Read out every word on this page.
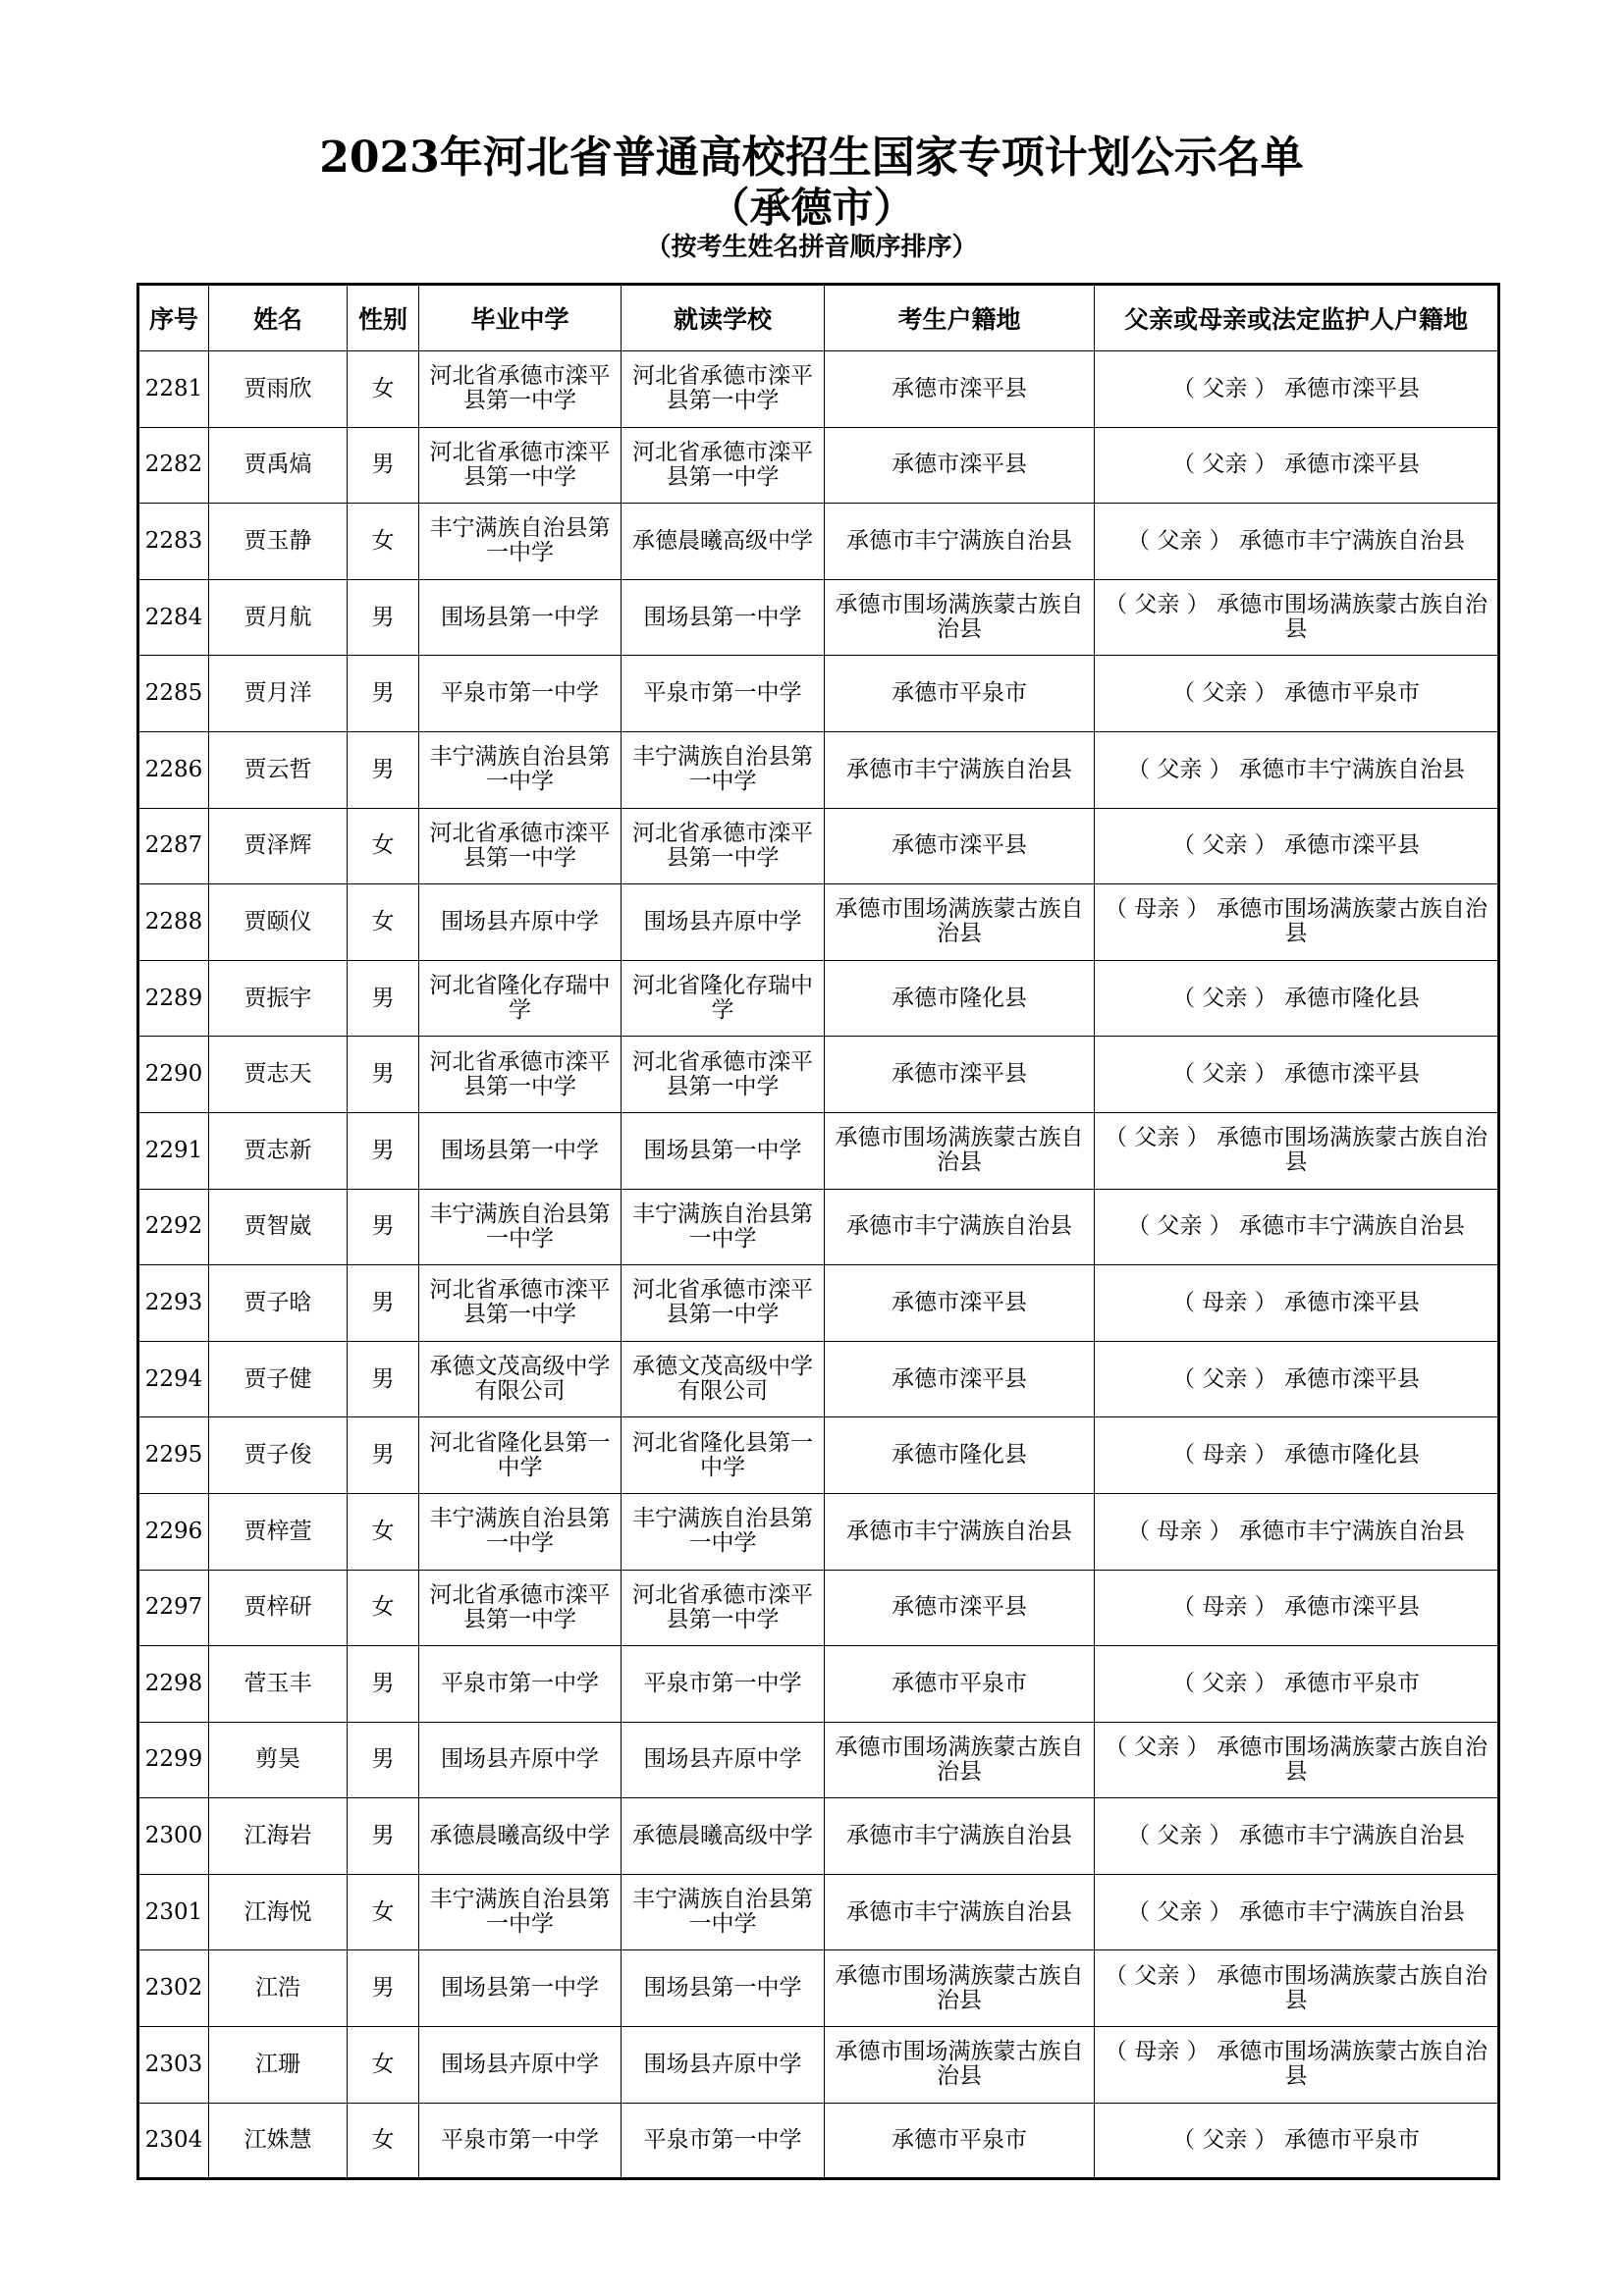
2023年河北省普通高校招生国家专项计划公示名单
（承德市）
（按考生姓名拼音顺序排序）
序号	姓名	性别	毕业中学	就读学校	考生户籍地	父亲或母亲或法定监护人户籍地
2281	贾雨欣	女	河北省承德市滦平县第一中学	河北省承德市滦平县第一中学	承德市滦平县	（ 父亲 ） 承德市滦平县
2282	贾禹熇	男	河北省承德市滦平县第一中学	河北省承德市滦平县第一中学	承德市滦平县	（ 父亲 ） 承德市滦平县
2283	贾玉静	女	丰宁满族自治县第一中学	承德晨曦高级中学	承德市丰宁满族自治县	（ 父亲 ） 承德市丰宁满族自治县
2284	贾月航	男	围场县第一中学	围场县第一中学	承德市围场满族蒙古族自治县	（ 父亲 ） 承德市围场满族蒙古族自治县
2285	贾月洋	男	平泉市第一中学	平泉市第一中学	承德市平泉市	（ 父亲 ） 承德市平泉市
2286	贾云哲	男	丰宁满族自治县第一中学	丰宁满族自治县第一中学	承德市丰宁满族自治县	（ 父亲 ） 承德市丰宁满族自治县
2287	贾泽辉	女	河北省承德市滦平县第一中学	河北省承德市滦平县第一中学	承德市滦平县	（ 父亲 ） 承德市滦平县
2288	贾颐仪	女	围场县卉原中学	围场县卉原中学	承德市围场满族蒙古族自治县	（ 母亲 ） 承德市围场满族蒙古族自治县
2289	贾振宇	男	河北省隆化存瑞中学	河北省隆化存瑞中学	承德市隆化县	（ 父亲 ） 承德市隆化县
2290	贾志天	男	河北省承德市滦平县第一中学	河北省承德市滦平县第一中学	承德市滦平县	（ 父亲 ） 承德市滦平县
2291	贾志新	男	围场县第一中学	围场县第一中学	承德市围场满族蒙古族自治县	（ 父亲 ） 承德市围场满族蒙古族自治县
2292	贾智崴	男	丰宁满族自治县第一中学	丰宁满族自治县第一中学	承德市丰宁满族自治县	（ 父亲 ） 承德市丰宁满族自治县
2293	贾子晗	男	河北省承德市滦平县第一中学	河北省承德市滦平县第一中学	承德市滦平县	（ 母亲 ） 承德市滦平县
2294	贾子健	男	承德文茂高级中学有限公司	承德文茂高级中学有限公司	承德市滦平县	（ 父亲 ） 承德市滦平县
2295	贾子俊	男	河北省隆化县第一中学	河北省隆化县第一中学	承德市隆化县	（ 母亲 ） 承德市隆化县
2296	贾梓萱	女	丰宁满族自治县第一中学	丰宁满族自治县第一中学	承德市丰宁满族自治县	（ 母亲 ） 承德市丰宁满族自治县
2297	贾梓研	女	河北省承德市滦平县第一中学	河北省承德市滦平县第一中学	承德市滦平县	（ 母亲 ） 承德市滦平县
2298	菅玉丰	男	平泉市第一中学	平泉市第一中学	承德市平泉市	（ 父亲 ） 承德市平泉市
2299	剪昊	男	围场县卉原中学	围场县卉原中学	承德市围场满族蒙古族自治县	（ 父亲 ） 承德市围场满族蒙古族自治县
2300	江海岩	男	承德晨曦高级中学	承德晨曦高级中学	承德市丰宁满族自治县	（ 父亲 ） 承德市丰宁满族自治县
2301	江海悦	女	丰宁满族自治县第一中学	丰宁满族自治县第一中学	承德市丰宁满族自治县	（ 父亲 ） 承德市丰宁满族自治县
2302	江浩	男	围场县第一中学	围场县第一中学	承德市围场满族蒙古族自治县	（ 父亲 ） 承德市围场满族蒙古族自治县
2303	江珊	女	围场县卉原中学	围场县卉原中学	承德市围场满族蒙古族自治县	（ 母亲 ） 承德市围场满族蒙古族自治县
2304	江姝慧	女	平泉市第一中学	平泉市第一中学	承德市平泉市	（ 父亲 ） 承德市平泉市
